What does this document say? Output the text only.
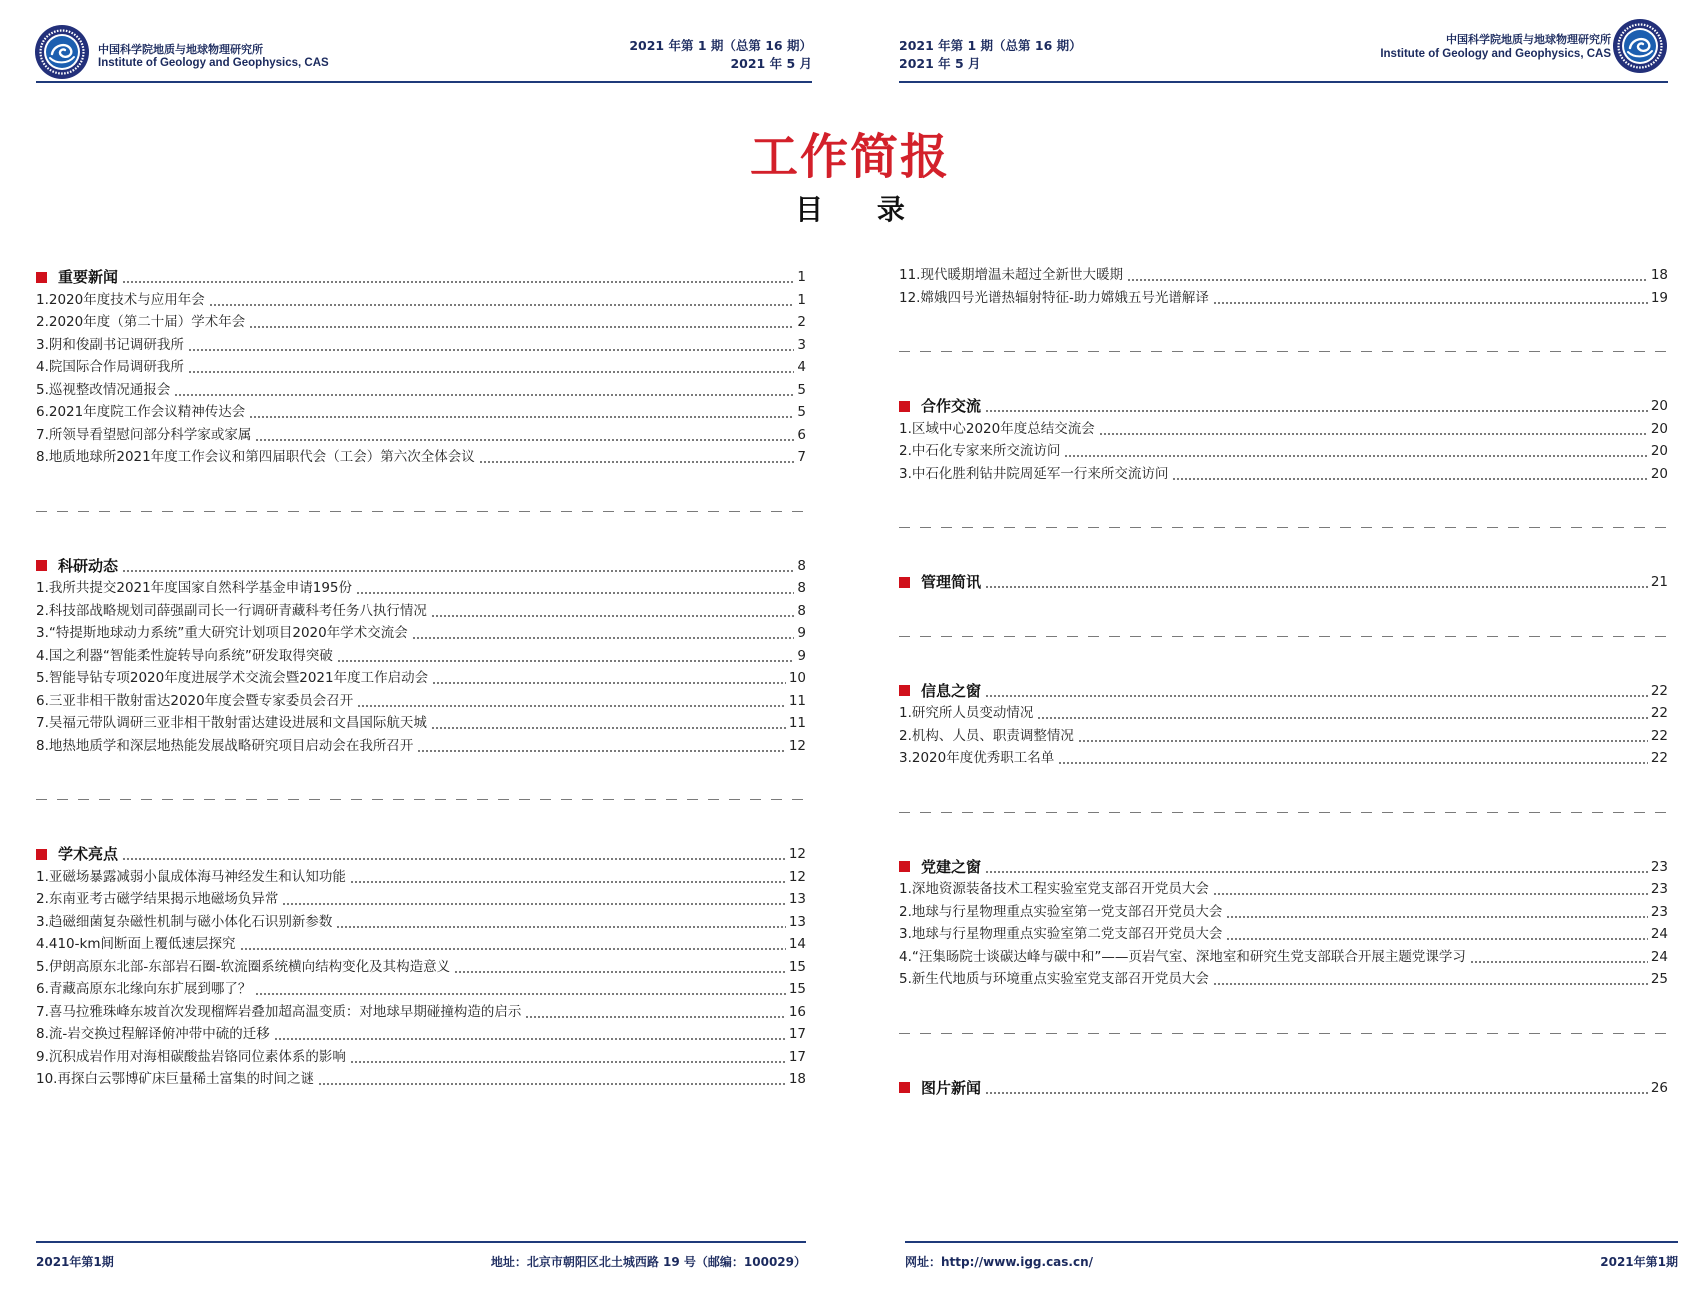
中国科学院地质与地球物理研究所
Institute of Geology and Geophysics, CAS
2021 年第 1 期（总第 16 期）
2021 年 5 月
2021 年第 1 期（总第 16 期）
2021 年 5 月
中国科学院地质与地球物理研究所
Institute of Geology and Geophysics, CAS
工作简报
目 录
重要新闻	1
1.2020年度技术与应用年会	1
2.2020年度（第二十届）学术年会	2
3.阴和俊副书记调研我所	3
4.院国际合作局调研我所	4
5.巡视整改情况通报会	5
6.2021年度院工作会议精神传达会	5
7.所领导看望慰问部分科学家或家属	6
8.地质地球所2021年度工作会议和第四届职代会（工会）第六次全体会议	7
科研动态	8
1.我所共提交2021年度国家自然科学基金申请195份	8
2.科技部战略规划司薛强副司长一行调研青藏科考任务八执行情况	8
3.“特提斯地球动力系统”重大研究计划项目2020年学术交流会	9
4.国之利器“智能柔性旋转导向系统”研发取得突破	9
5.智能导钻专项2020年度进展学术交流会暨2021年度工作启动会	10
6.三亚非相干散射雷达2020年度会暨专家委员会召开	11
7.吴福元带队调研三亚非相干散射雷达建设进展和文昌国际航天城	11
8.地热地质学和深层地热能发展战略研究项目启动会在我所召开	12
学术亮点	12
1.亚磁场暴露减弱小鼠成体海马神经发生和认知功能	12
2.东南亚考古磁学结果揭示地磁场负异常	13
3.趋磁细菌复杂磁性机制与磁小体化石识别新参数	13
4.410-km间断面上覆低速层探究	14
5.伊朗高原东北部-东部岩石圈-软流圈系统横向结构变化及其构造意义	15
6.青藏高原东北缘向东扩展到哪了？	15
7.喜马拉雅珠峰东坡首次发现榴辉岩叠加超高温变质：对地球早期碰撞构造的启示	16
8.流-岩交换过程解译俯冲带中硫的迁移	17
9.沉积成岩作用对海相碳酸盐岩铬同位素体系的影响	17
10.再探白云鄂博矿床巨量稀土富集的时间之谜	18
11.现代暖期增温未超过全新世大暖期	18
12.嫦娥四号光谱热辐射特征-助力嫦娥五号光谱解译	19
合作交流	20
1.区域中心2020年度总结交流会	20
2.中石化专家来所交流访问	20
3.中石化胜利钻井院周延军一行来所交流访问	20
管理简讯	21
信息之窗	22
1.研究所人员变动情况	22
2.机构、人员、职责调整情况	22
3.2020年度优秀职工名单	22
党建之窗	23
1.深地资源装备技术工程实验室党支部召开党员大会	23
2.地球与行星物理重点实验室第一党支部召开党员大会	23
3.地球与行星物理重点实验室第二党支部召开党员大会	24
4.“汪集旸院士谈碳达峰与碳中和”——页岩气室、深地室和研究生党支部联合开展主题党课学习	24
5.新生代地质与环境重点实验室党支部召开党员大会	25
图片新闻	26
2021年第1期	地址：北京市朝阳区北土城西路 19 号（邮编：100029）	网址：http://www.igg.cas.cn/	2021年第1期
